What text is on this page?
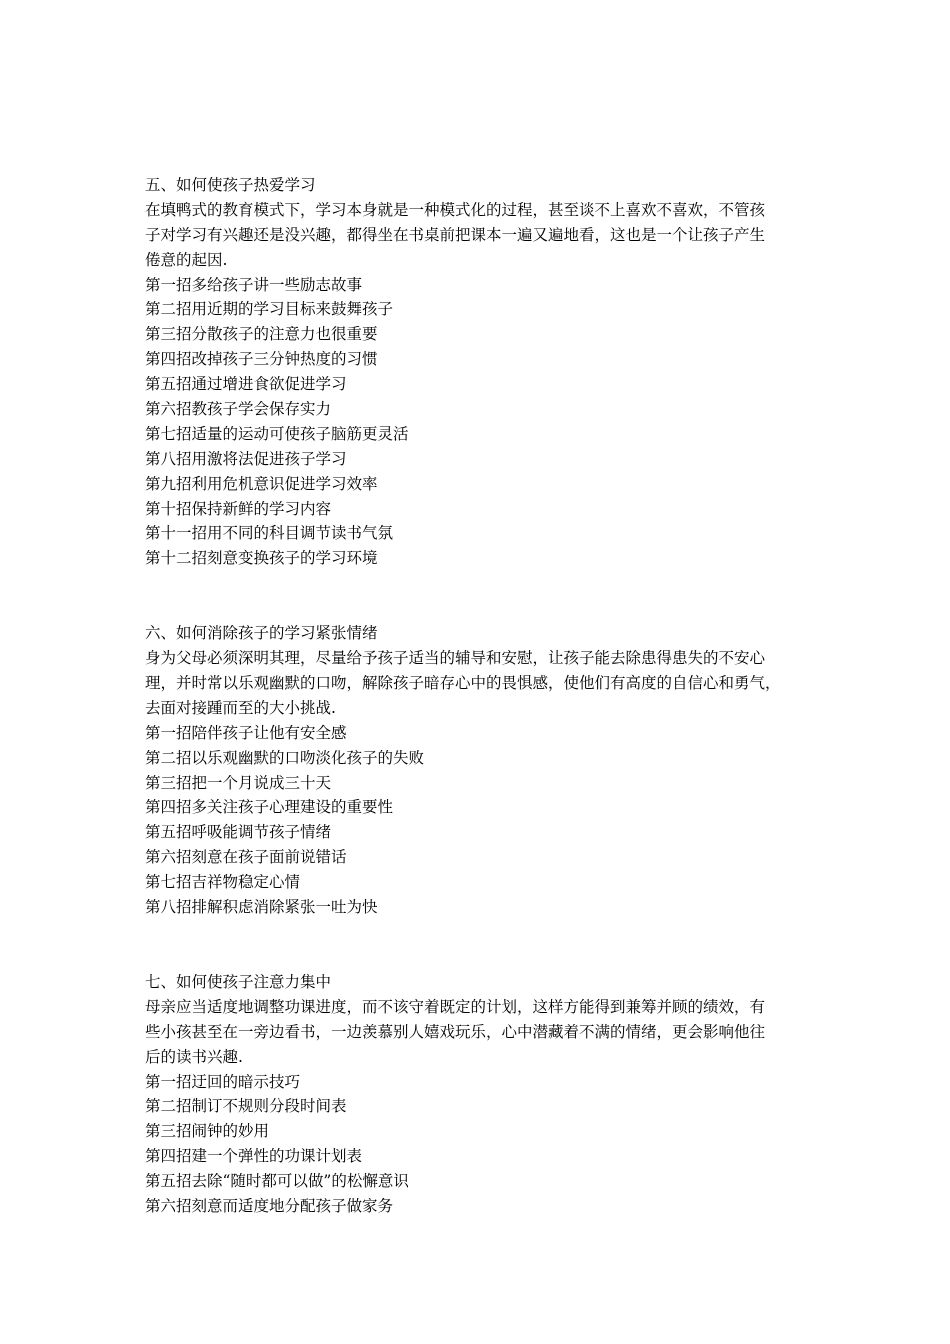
五、如何使孩子热爱学习
在填鸭式的教育模式下，学习本身就是一种模式化的过程，甚至谈不上喜欢不喜欢，不管孩
子对学习有兴趣还是没兴趣，都得坐在书桌前把课本一遍又遍地看，这也是一个让孩子产生
倦意的起因.
第一招多给孩子讲一些励志故事
第二招用近期的学习目标来鼓舞孩子
第三招分散孩子的注意力也很重要
第四招改掉孩子三分钟热度的习惯
第五招通过增进食欲促进学习
第六招教孩子学会保存实力
第七招适量的运动可使孩子脑筋更灵活
第八招用激将法促进孩子学习
第九招利用危机意识促进学习效率
第十招保持新鲜的学习内容
第十一招用不同的科目调节读书气氛
第十二招刻意变换孩子的学习环境
六、如何消除孩子的学习紧张情绪
身为父母必须深明其理，尽量给予孩子适当的辅导和安慰，让孩子能去除患得患失的不安心
理，并时常以乐观幽默的口吻，解除孩子暗存心中的畏惧感，使他们有高度的自信心和勇气，
去面对接踵而至的大小挑战.
第一招陪伴孩子让他有安全感
第二招以乐观幽默的口吻淡化孩子的失败
第三招把一个月说成三十天
第四招多关注孩子心理建设的重要性
第五招呼吸能调节孩子情绪
第六招刻意在孩子面前说错话
第七招吉祥物稳定心情
第八招排解积虑消除紧张一吐为快
七、如何使孩子注意力集中
母亲应当适度地调整功课进度，而不该守着既定的计划，这样方能得到兼筹并顾的绩效，有
些小孩甚至在一旁边看书，一边羡慕别人嬉戏玩乐，心中潜藏着不满的情绪，更会影响他往
后的读书兴趣.
第一招迂回的暗示技巧
第二招制订不规则分段时间表
第三招闹钟的妙用
第四招建一个弹性的功课计划表
第五招去除“随时都可以做”的松懈意识
第六招刻意而适度地分配孩子做家务
